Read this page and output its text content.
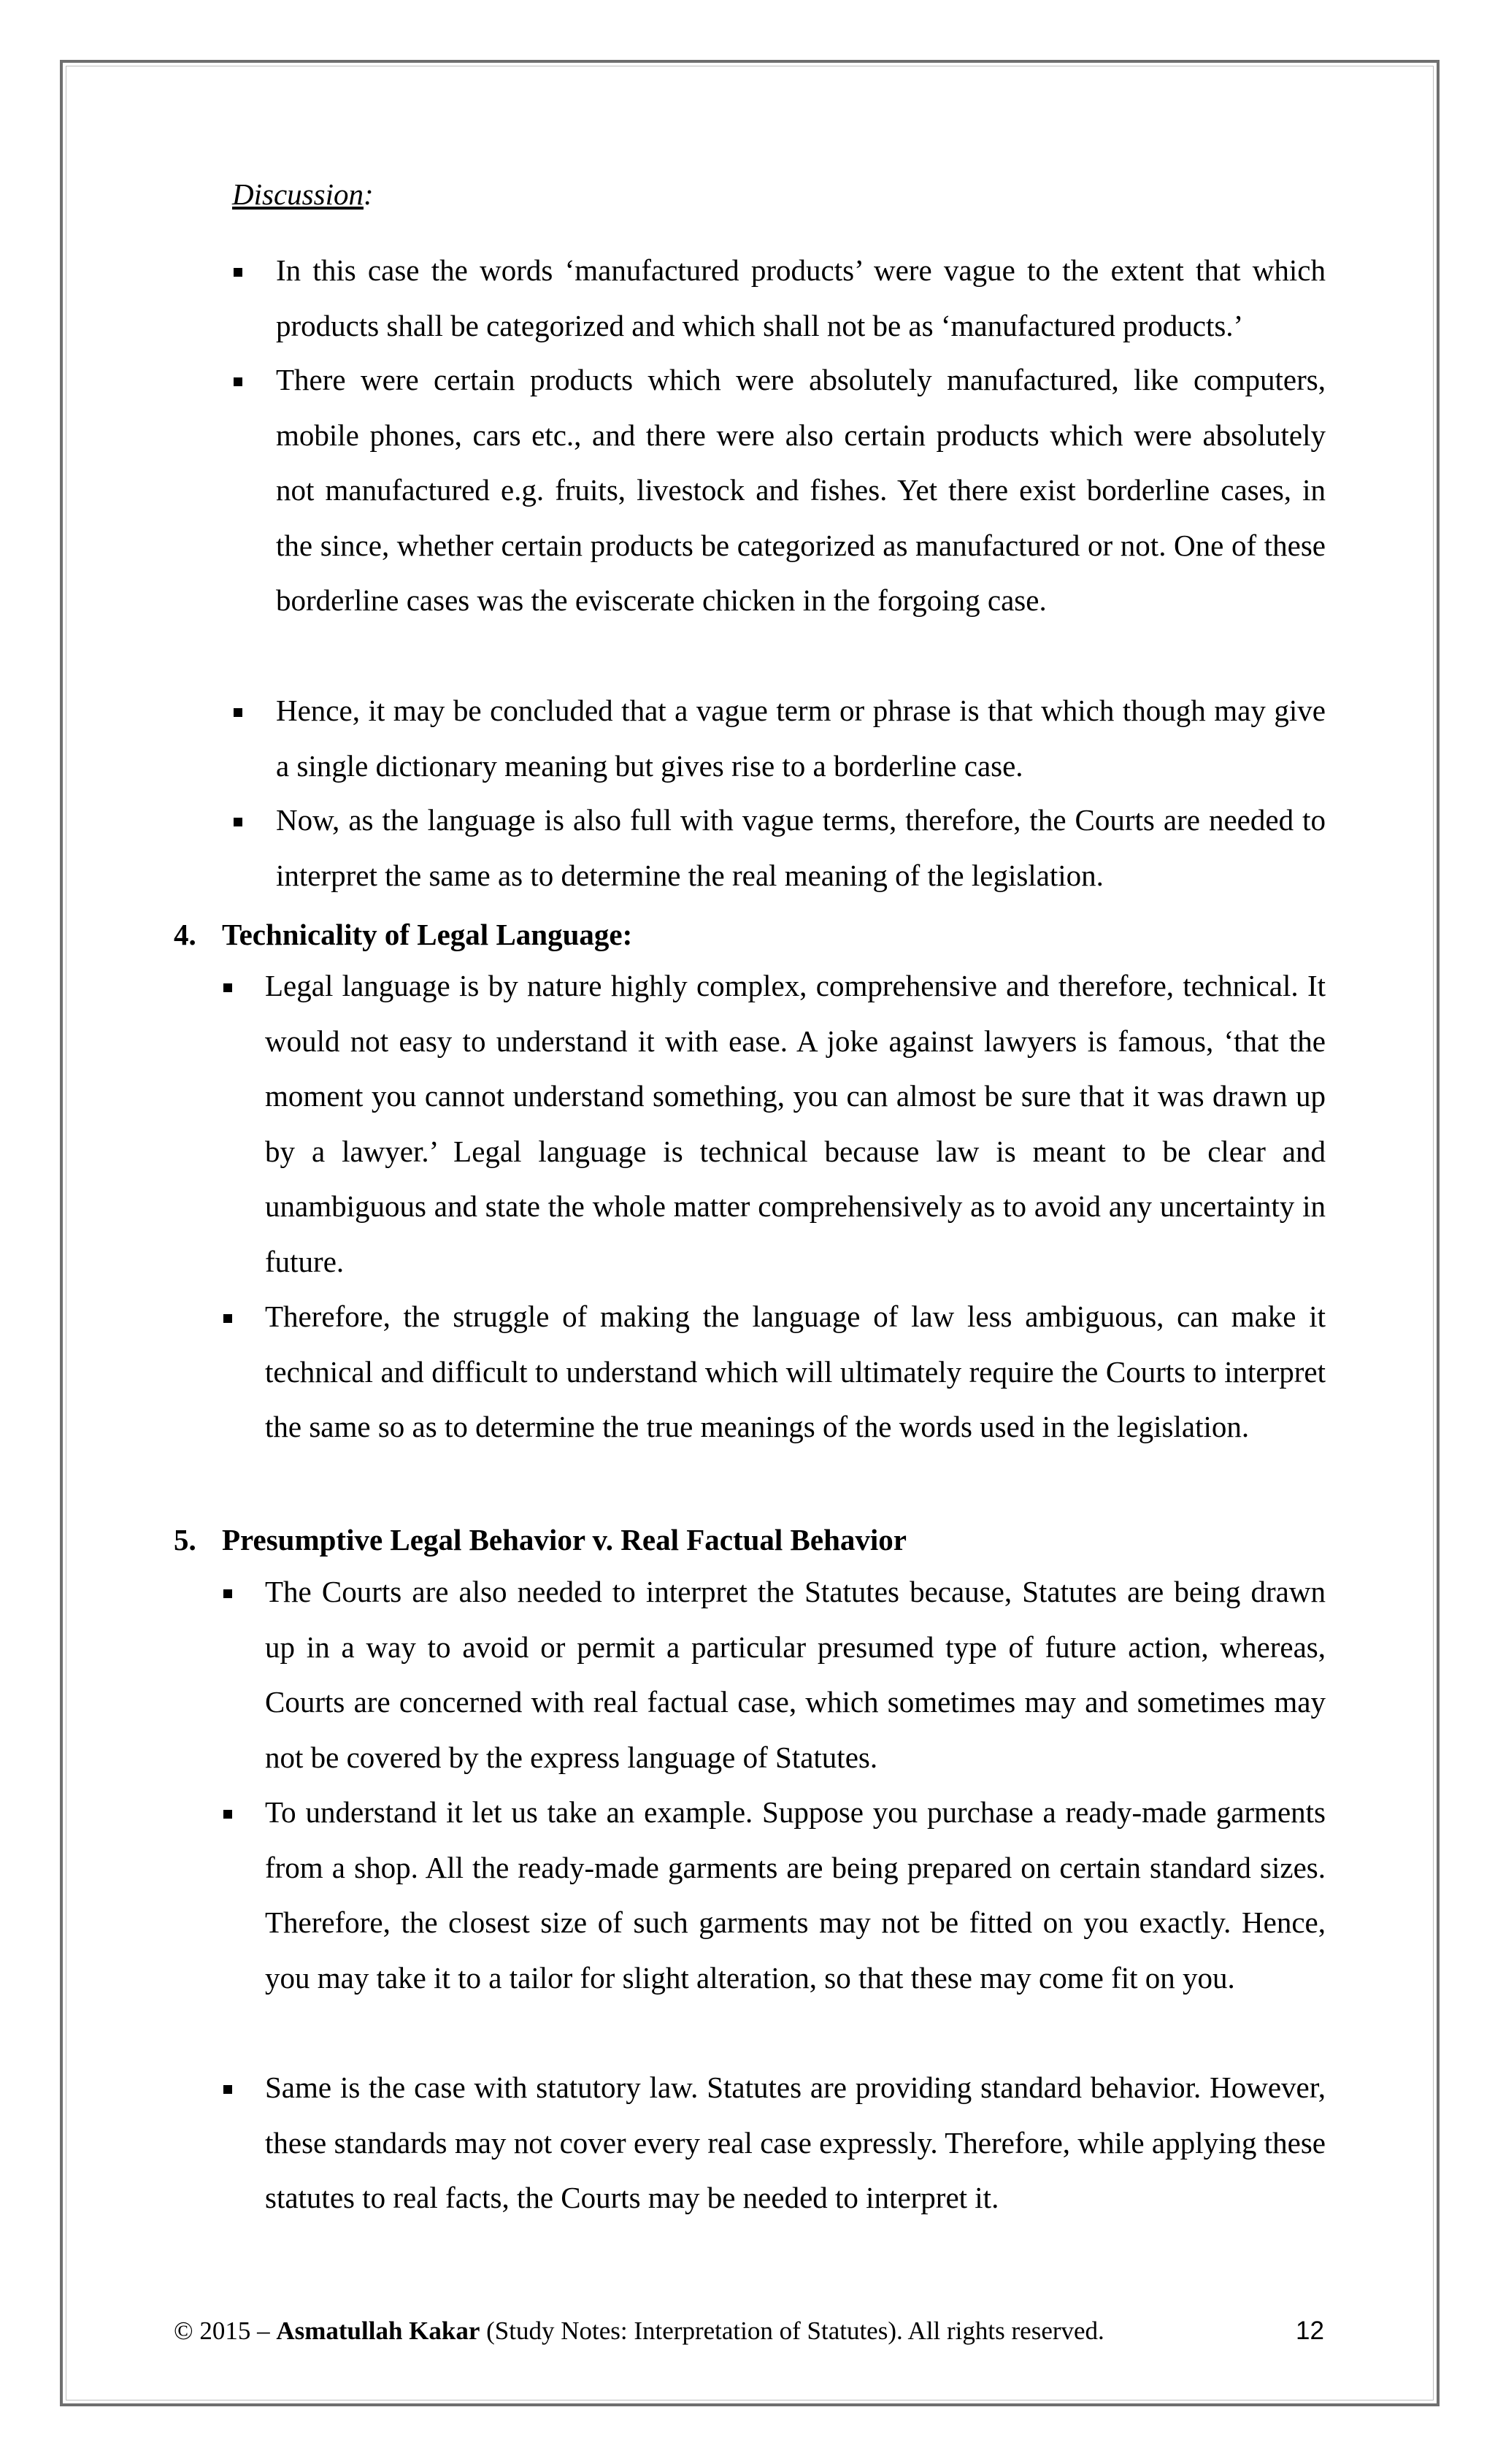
Discussion:

In this case the words ‘manufactured products’ were vague to the extent that which products shall be categorized and which shall not be as ‘manufactured products.’

There were certain products which were absolutely manufactured, like computers, mobile phones, cars etc., and there were also certain products which were absolutely not manufactured e.g. fruits, livestock and fishes. Yet there exist borderline cases, in the since, whether certain products be categorized as manufactured or not. One of these borderline cases was the eviscerate chicken in the forgoing case.

Hence, it may be concluded that a vague term or phrase is that which though may give a single dictionary meaning but gives rise to a borderline case.

Now, as the language is also full with vague terms, therefore, the Courts are needed to interpret the same as to determine the real meaning of the legislation.

4. Technicality of Legal Language:

Legal language is by nature highly complex, comprehensive and therefore, technical. It would not easy to understand it with ease. A joke against lawyers is famous, ‘that the moment you cannot understand something, you can almost be sure that it was drawn up by a lawyer.’ Legal language is technical because law is meant to be clear and unambiguous and state the whole matter comprehensively as to avoid any uncertainty in future.

Therefore, the struggle of making the language of law less ambiguous, can make it technical and difficult to understand which will ultimately require the Courts to interpret the same so as to determine the true meanings of the words used in the legislation.

5. Presumptive Legal Behavior v. Real Factual Behavior

The Courts are also needed to interpret the Statutes because, Statutes are being drawn up in a way to avoid or permit a particular presumed type of future action, whereas, Courts are concerned with real factual case, which sometimes may and sometimes may not be covered by the express language of Statutes.

To understand it let us take an example. Suppose you purchase a ready-made garments from a shop. All the ready-made garments are being prepared on certain standard sizes. Therefore, the closest size of such garments may not be fitted on you exactly. Hence, you may take it to a tailor for slight alteration, so that these may come fit on you.

Same is the case with statutory law. Statutes are providing standard behavior. However, these standards may not cover every real case expressly. Therefore, while applying these statutes to real facts, the Courts may be needed to interpret it.

© 2015 – Asmatullah Kakar (Study Notes: Interpretation of Statutes). All rights reserved.	12
